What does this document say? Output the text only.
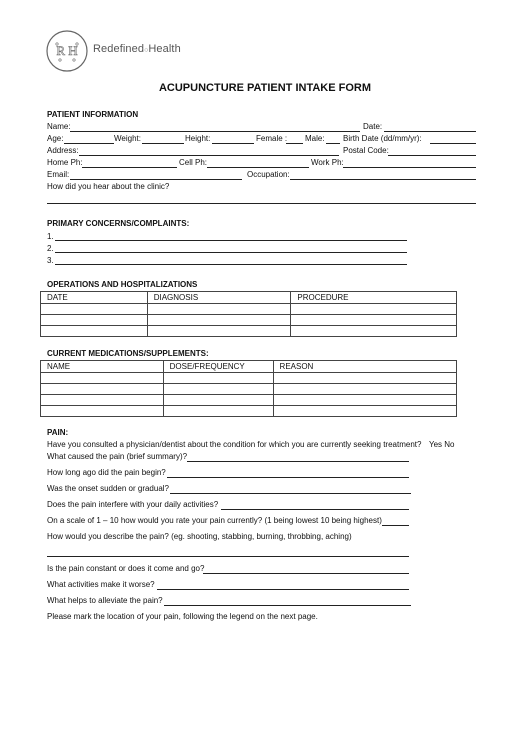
R H Redefined○Health
ACUPUNCTURE PATIENT INTAKE FORM
PATIENT INFORMATION
Name:	Date:
Age:	Weight:	Height:	Female : Male: Birth Date (dd/mm/yr):
Address:	Postal Code:
Home Ph:	Cell Ph:	Work Ph:
Email:	Occupation:
How did you hear about the clinic?
PRIMARY CONCERNS/COMPLAINTS:
1.
2.
3.
OPERATIONS AND HOSPITALIZATIONS
DATE	DIAGNOSIS	PROCEDURE

CURRENT MEDICATIONS/SUPPLEMENTS:
NAME	DOSE/FREQUENCY	REASON

PAIN:
Have you consulted a physician/dentist about the condition for which you are currently seeking treatment? Yes No
What caused the pain (brief summary)?
How long ago did the pain begin?
Was the onset sudden or gradual?
Does the pain interfere with your daily activities?
On a scale of 1 – 10 how would you rate your pain currently? (1 being lowest 10 being highest)
How would you describe the pain? (eg. shooting, stabbing, burning, throbbing, aching)
Is the pain constant or does it come and go?
What activities make it worse?
What helps to alleviate the pain?
Please mark the location of your pain, following the legend on the next page.
